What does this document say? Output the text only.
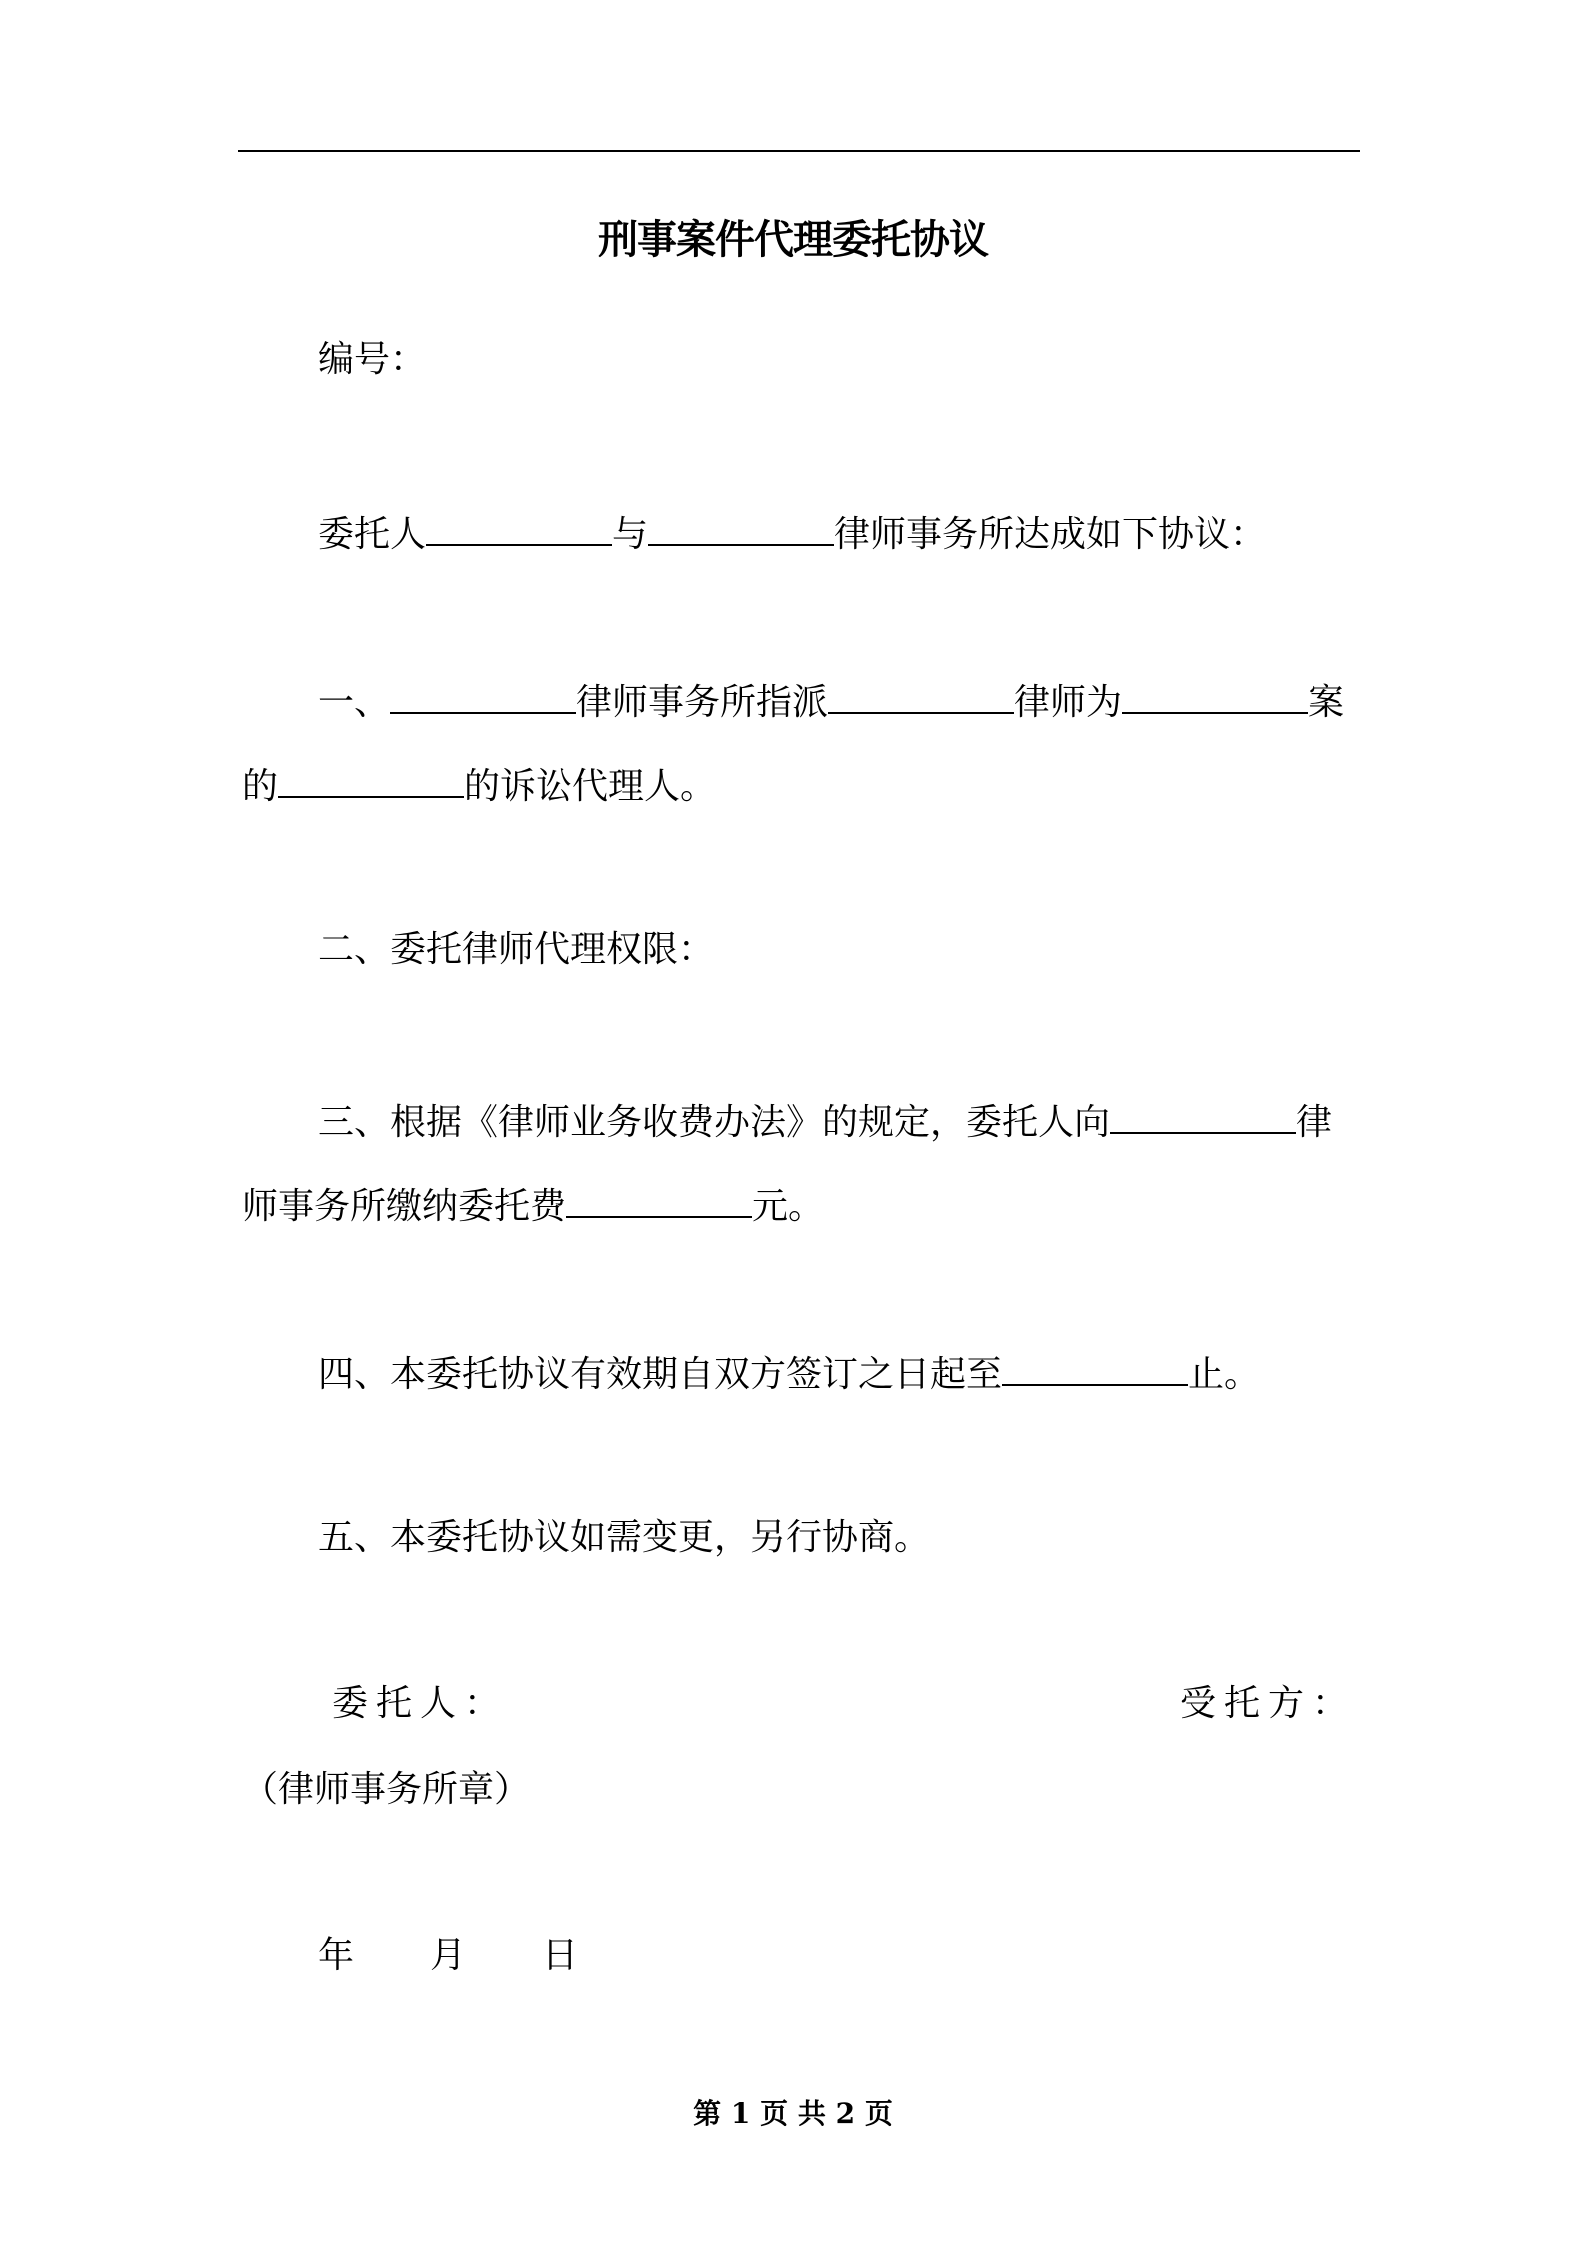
刑事案件代理委托协议
编号：
委托人	与	律师事务所达成如下协议：
一、	律师事务所指派	律师为	案
的	的诉讼代理人。
二、委托律师代理权限：
三、根据《律师业务收费办法》的规定，委托人向	律
师事务所缴纳委托费	元。
四、本委托协议有效期自双方签订之日起至	止。
五、本委托协议如需变更，另行协商。
委托人：	受托方：
（律师事务所章）
年 月 日
第 1 页 共 2 页
